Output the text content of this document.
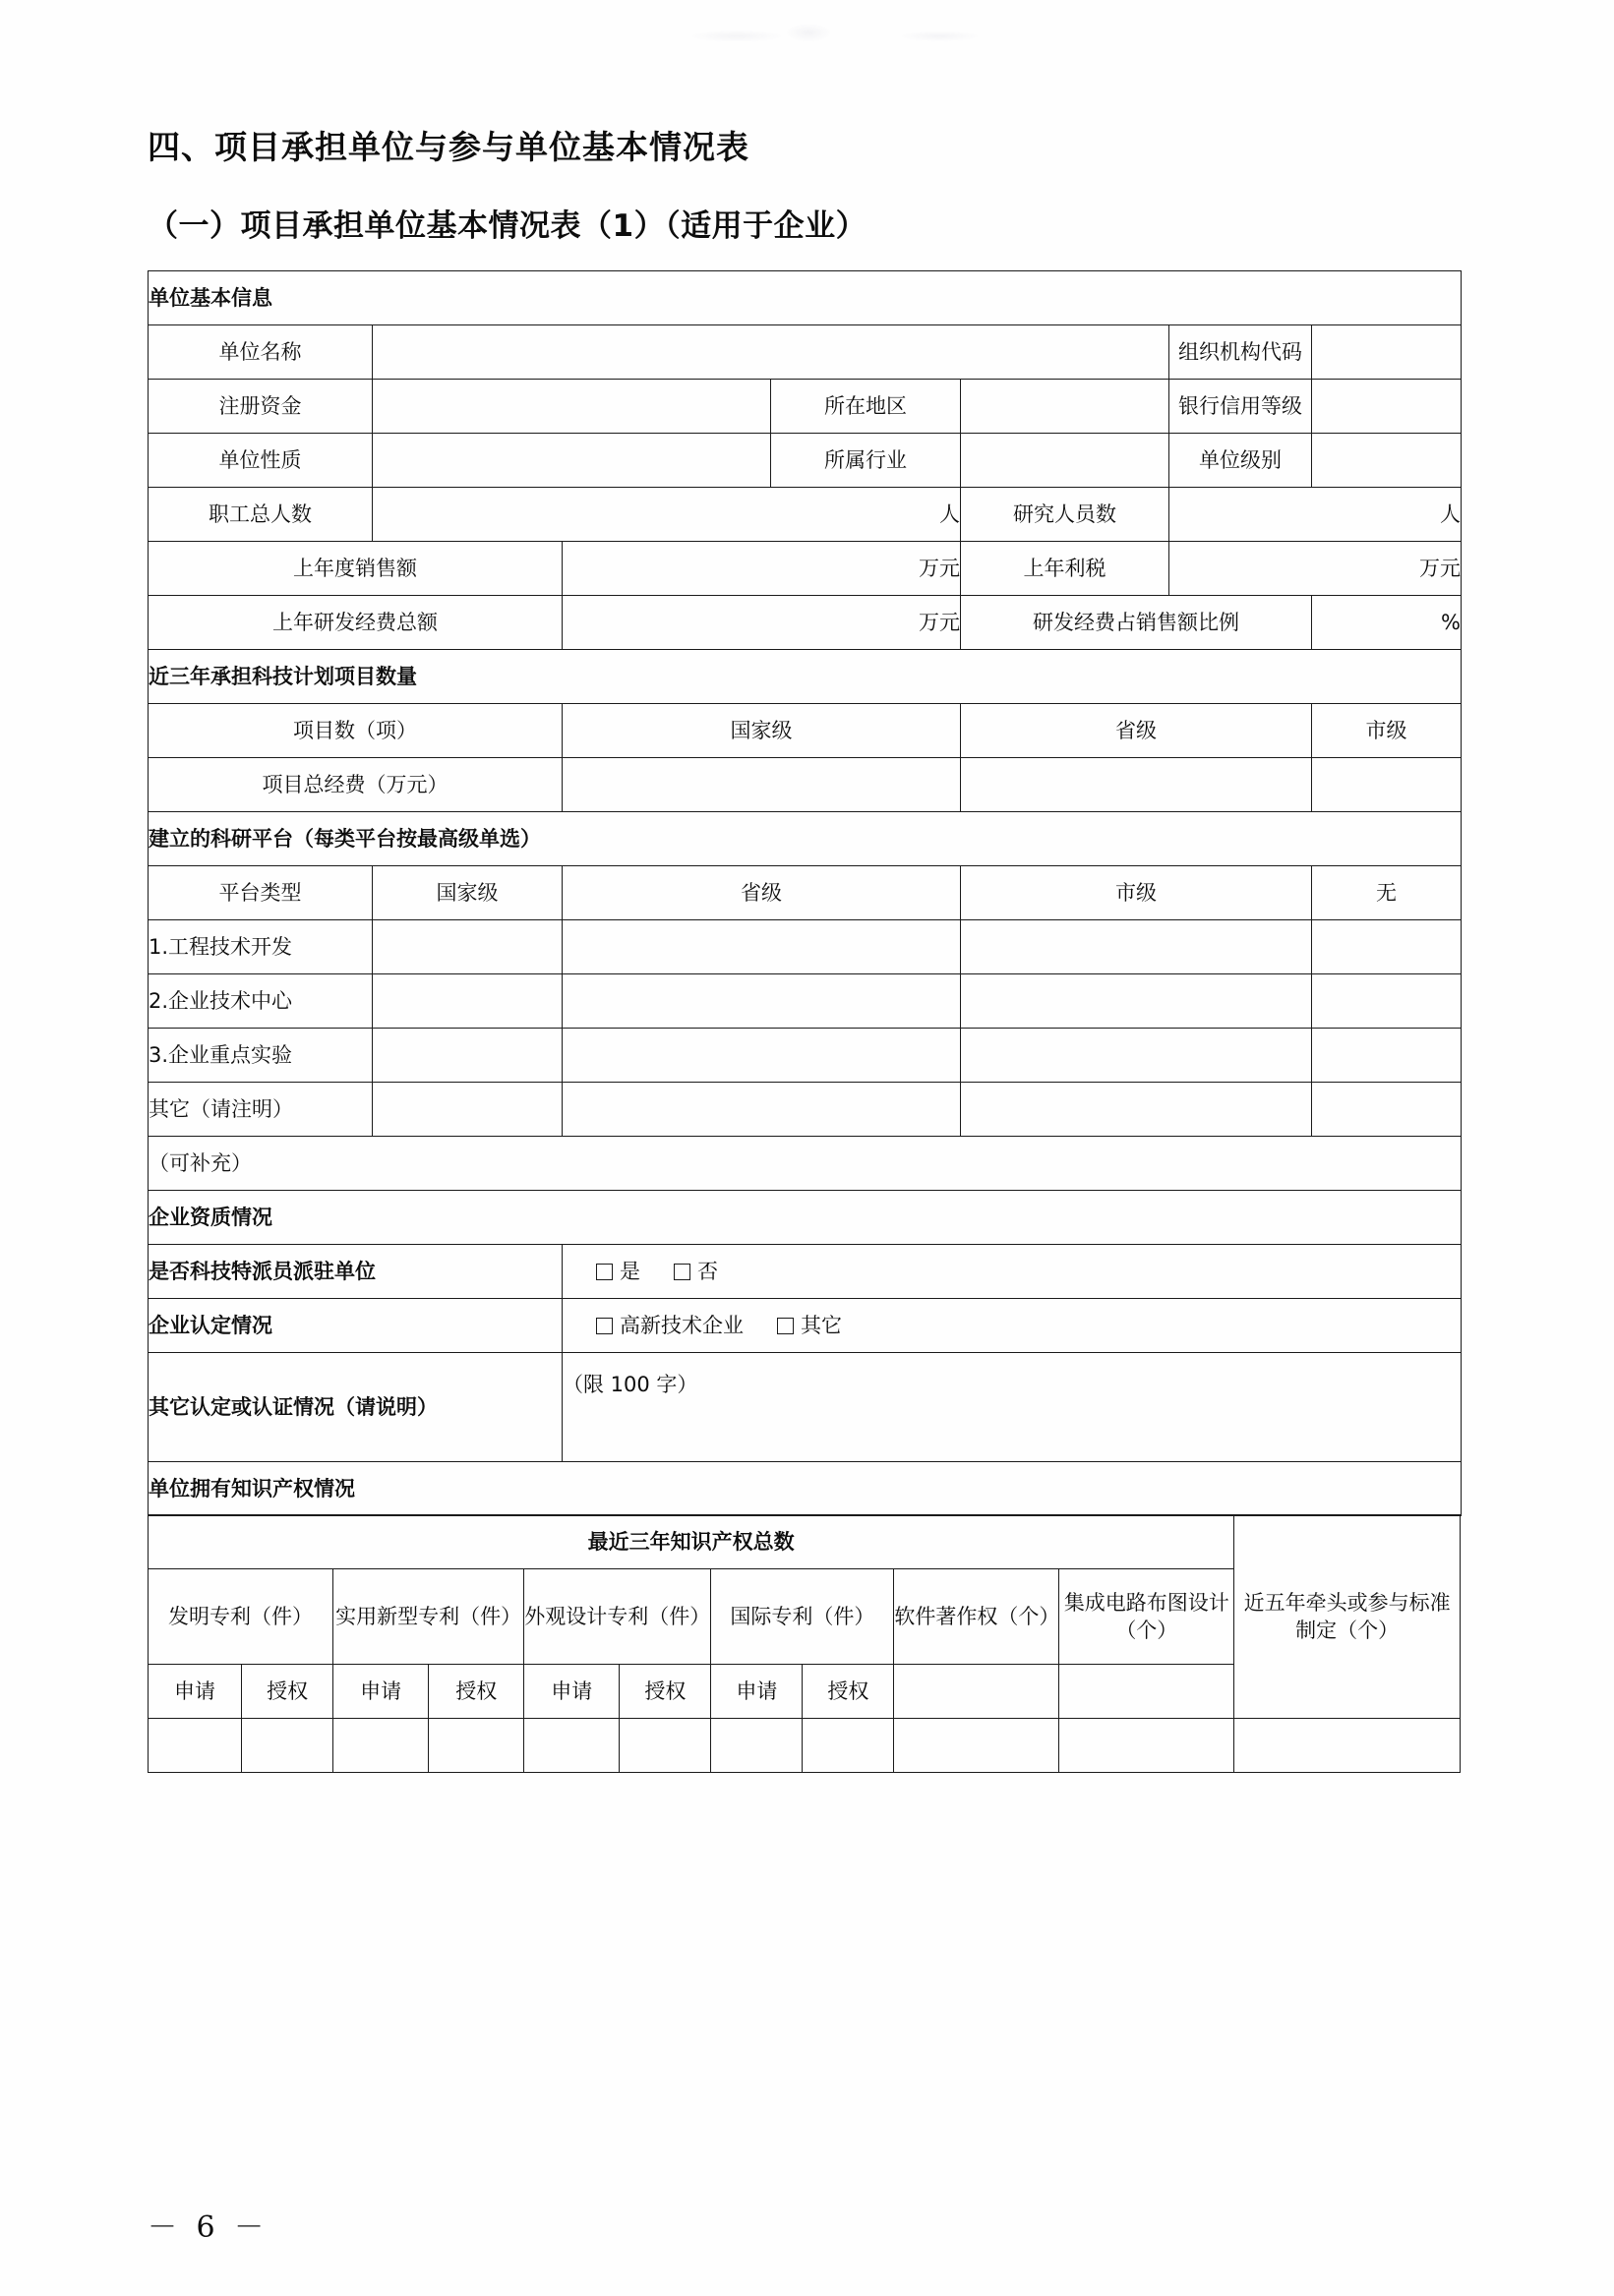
四、项目承担单位与参与单位基本情况表
（一）项目承担单位基本情况表（1）（适用于企业）
单位基本信息						
单位名称					组织机构代码	
注册资金			所在地区		银行信用等级	
单位性质			所属行业		单位级别	
职工总人数	人			研究人员数	人	
上年度销售额		万元		上年利税	万元	
上年研发经费总额		万元		研发经费占销售额比例		%
近三年承担科技计划项目数量						
项目数（项）		国家级		省级		市级
项目总经费（万元）						
建立的科研平台（每类平台按最高级单选）						
平台类型	国家级	省级		市级		无
1.工程技术开发						
2.企业技术中心						
3.企业重点实验						
其它（请注明）						
（可补充）						
企业资质情况						
是否科技特派员派驻单位		是 否				

企业认定情况		高新技术企业 其它				

其它认定或认证情况（请说明）		（限 100 字）				
单位拥有知识产权情况						
最近三年知识产权总数										近五年牵头或参与标准制定（个）
发明专利（件）		实用新型专利（件）		外观设计专利（件）		国际专利（件）		软件著作权（个）	集成电路布图设计（个）	
申请	授权	申请	授权	申请	授权	申请	授权			

－ 6 －
